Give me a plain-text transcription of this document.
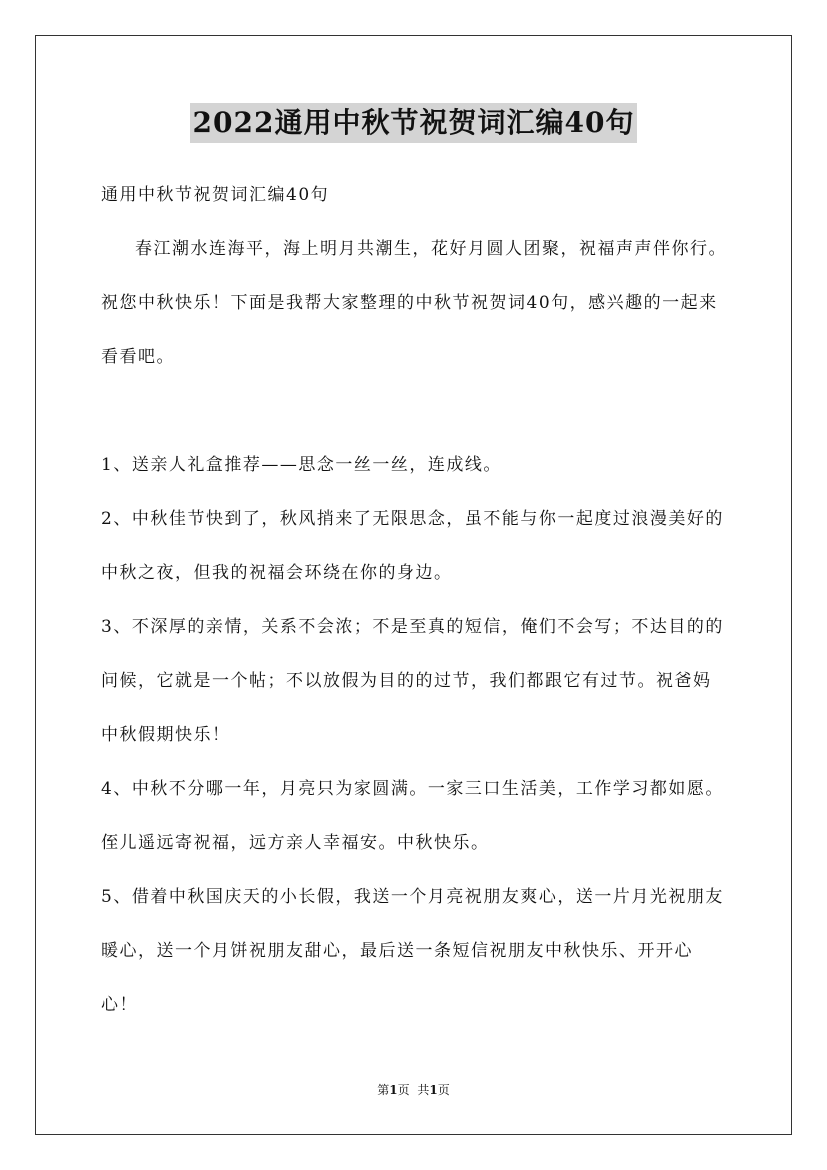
2022通用中秋节祝贺词汇编40句

通用中秋节祝贺词汇编40句

春江潮水连海平，海上明月共潮生，花好月圆人团聚，祝福声声伴你行。祝您中秋快乐！下面是我帮大家整理的中秋节祝贺词40句，感兴趣的一起来看看吧。

1、送亲人礼盒推荐——思念一丝一丝，连成线。

2、中秋佳节快到了，秋风捎来了无限思念，虽不能与你一起度过浪漫美好的中秋之夜，但我的祝福会环绕在你的身边。

3、不深厚的亲情，关系不会浓；不是至真的短信，俺们不会写；不达目的的问候，它就是一个帖；不以放假为目的的过节，我们都跟它有过节。祝爸妈中秋假期快乐！

4、中秋不分哪一年，月亮只为家圆满。一家三口生活美，工作学习都如愿。侄儿遥远寄祝福，远方亲人幸福安。中秋快乐。

5、借着中秋国庆天的小长假，我送一个月亮祝朋友爽心，送一片月光祝朋友暖心，送一个月饼祝朋友甜心，最后送一条短信祝朋友中秋快乐、开开心心！

第1页 共1页
